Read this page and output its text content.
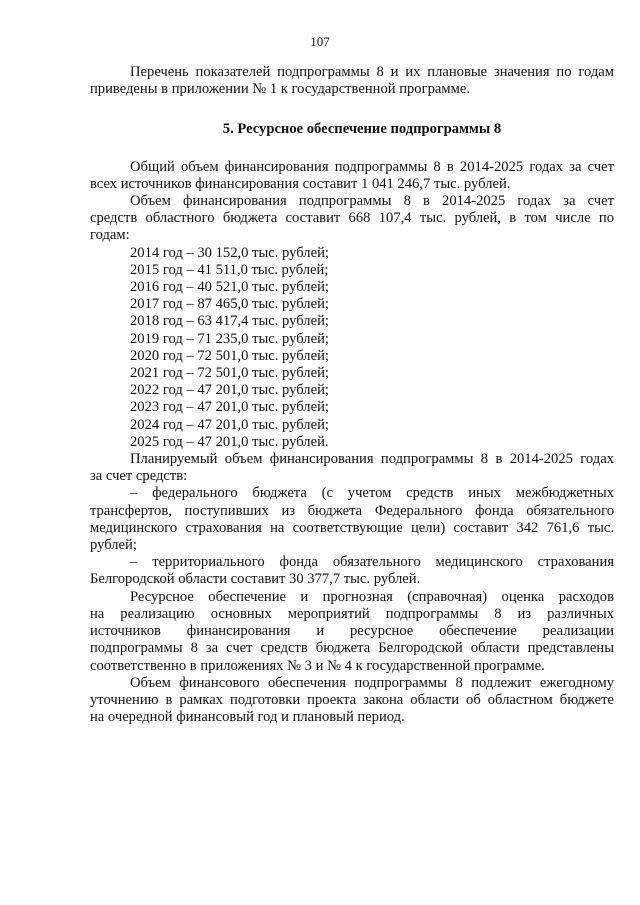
107

Перечень показателей подпрограммы 8 и их плановые значения по годам

приведены в приложении № 1 к государственной программе.

5. Ресурсное обеспечение подпрограммы 8

Общий объем финансирования подпрограммы 8 в 2014-2025 годах за счет

всех источников финансирования составит 1 041 246,7 тыс. рублей.

Объем финансирования подпрограммы 8 в 2014-2025 годах за счет

средств областного бюджета составит 668 107,4 тыс. рублей, в том числе по

годам:

2014 год – 30 152,0 тыс. рублей;
2015 год – 41 511,0 тыс. рублей;
2016 год – 40 521,0 тыс. рублей;
2017 год – 87 465,0 тыс. рублей;
2018 год – 63 417,4 тыс. рублей;
2019 год – 71 235,0 тыс. рублей;
2020 год – 72 501,0 тыс. рублей;
2021 год – 72 501,0 тыс. рублей;
2022 год – 47 201,0 тыс. рублей;
2023 год – 47 201,0 тыс. рублей;
2024 год – 47 201,0 тыс. рублей;
2025 год – 47 201,0 тыс. рублей.

Планируемый объем финансирования подпрограммы 8 в 2014-2025 годах

за счет средств:

– федерального бюджета (с учетом средств иных межбюджетных

трансфертов, поступивших из бюджета Федерального фонда обязательного

медицинского страхования на соответствующие цели) составит 342 761,6 тыс.

рублей;

– территориального фонда обязательного медицинского страхования

Белгородской области составит 30 377,7 тыс. рублей.

Ресурсное обеспечение и прогнозная (справочная) оценка расходов

на реализацию основных мероприятий подпрограммы 8 из различных

источников финансирования и ресурсное обеспечение реализации

подпрограммы 8 за счет средств бюджета Белгородской области представлены

соответственно в приложениях № 3 и № 4 к государственной программе.

Объем финансового обеспечения подпрограммы 8 подлежит ежегодному

уточнению в рамках подготовки проекта закона области об областном бюджете

на очередной финансовый год и плановый период.
